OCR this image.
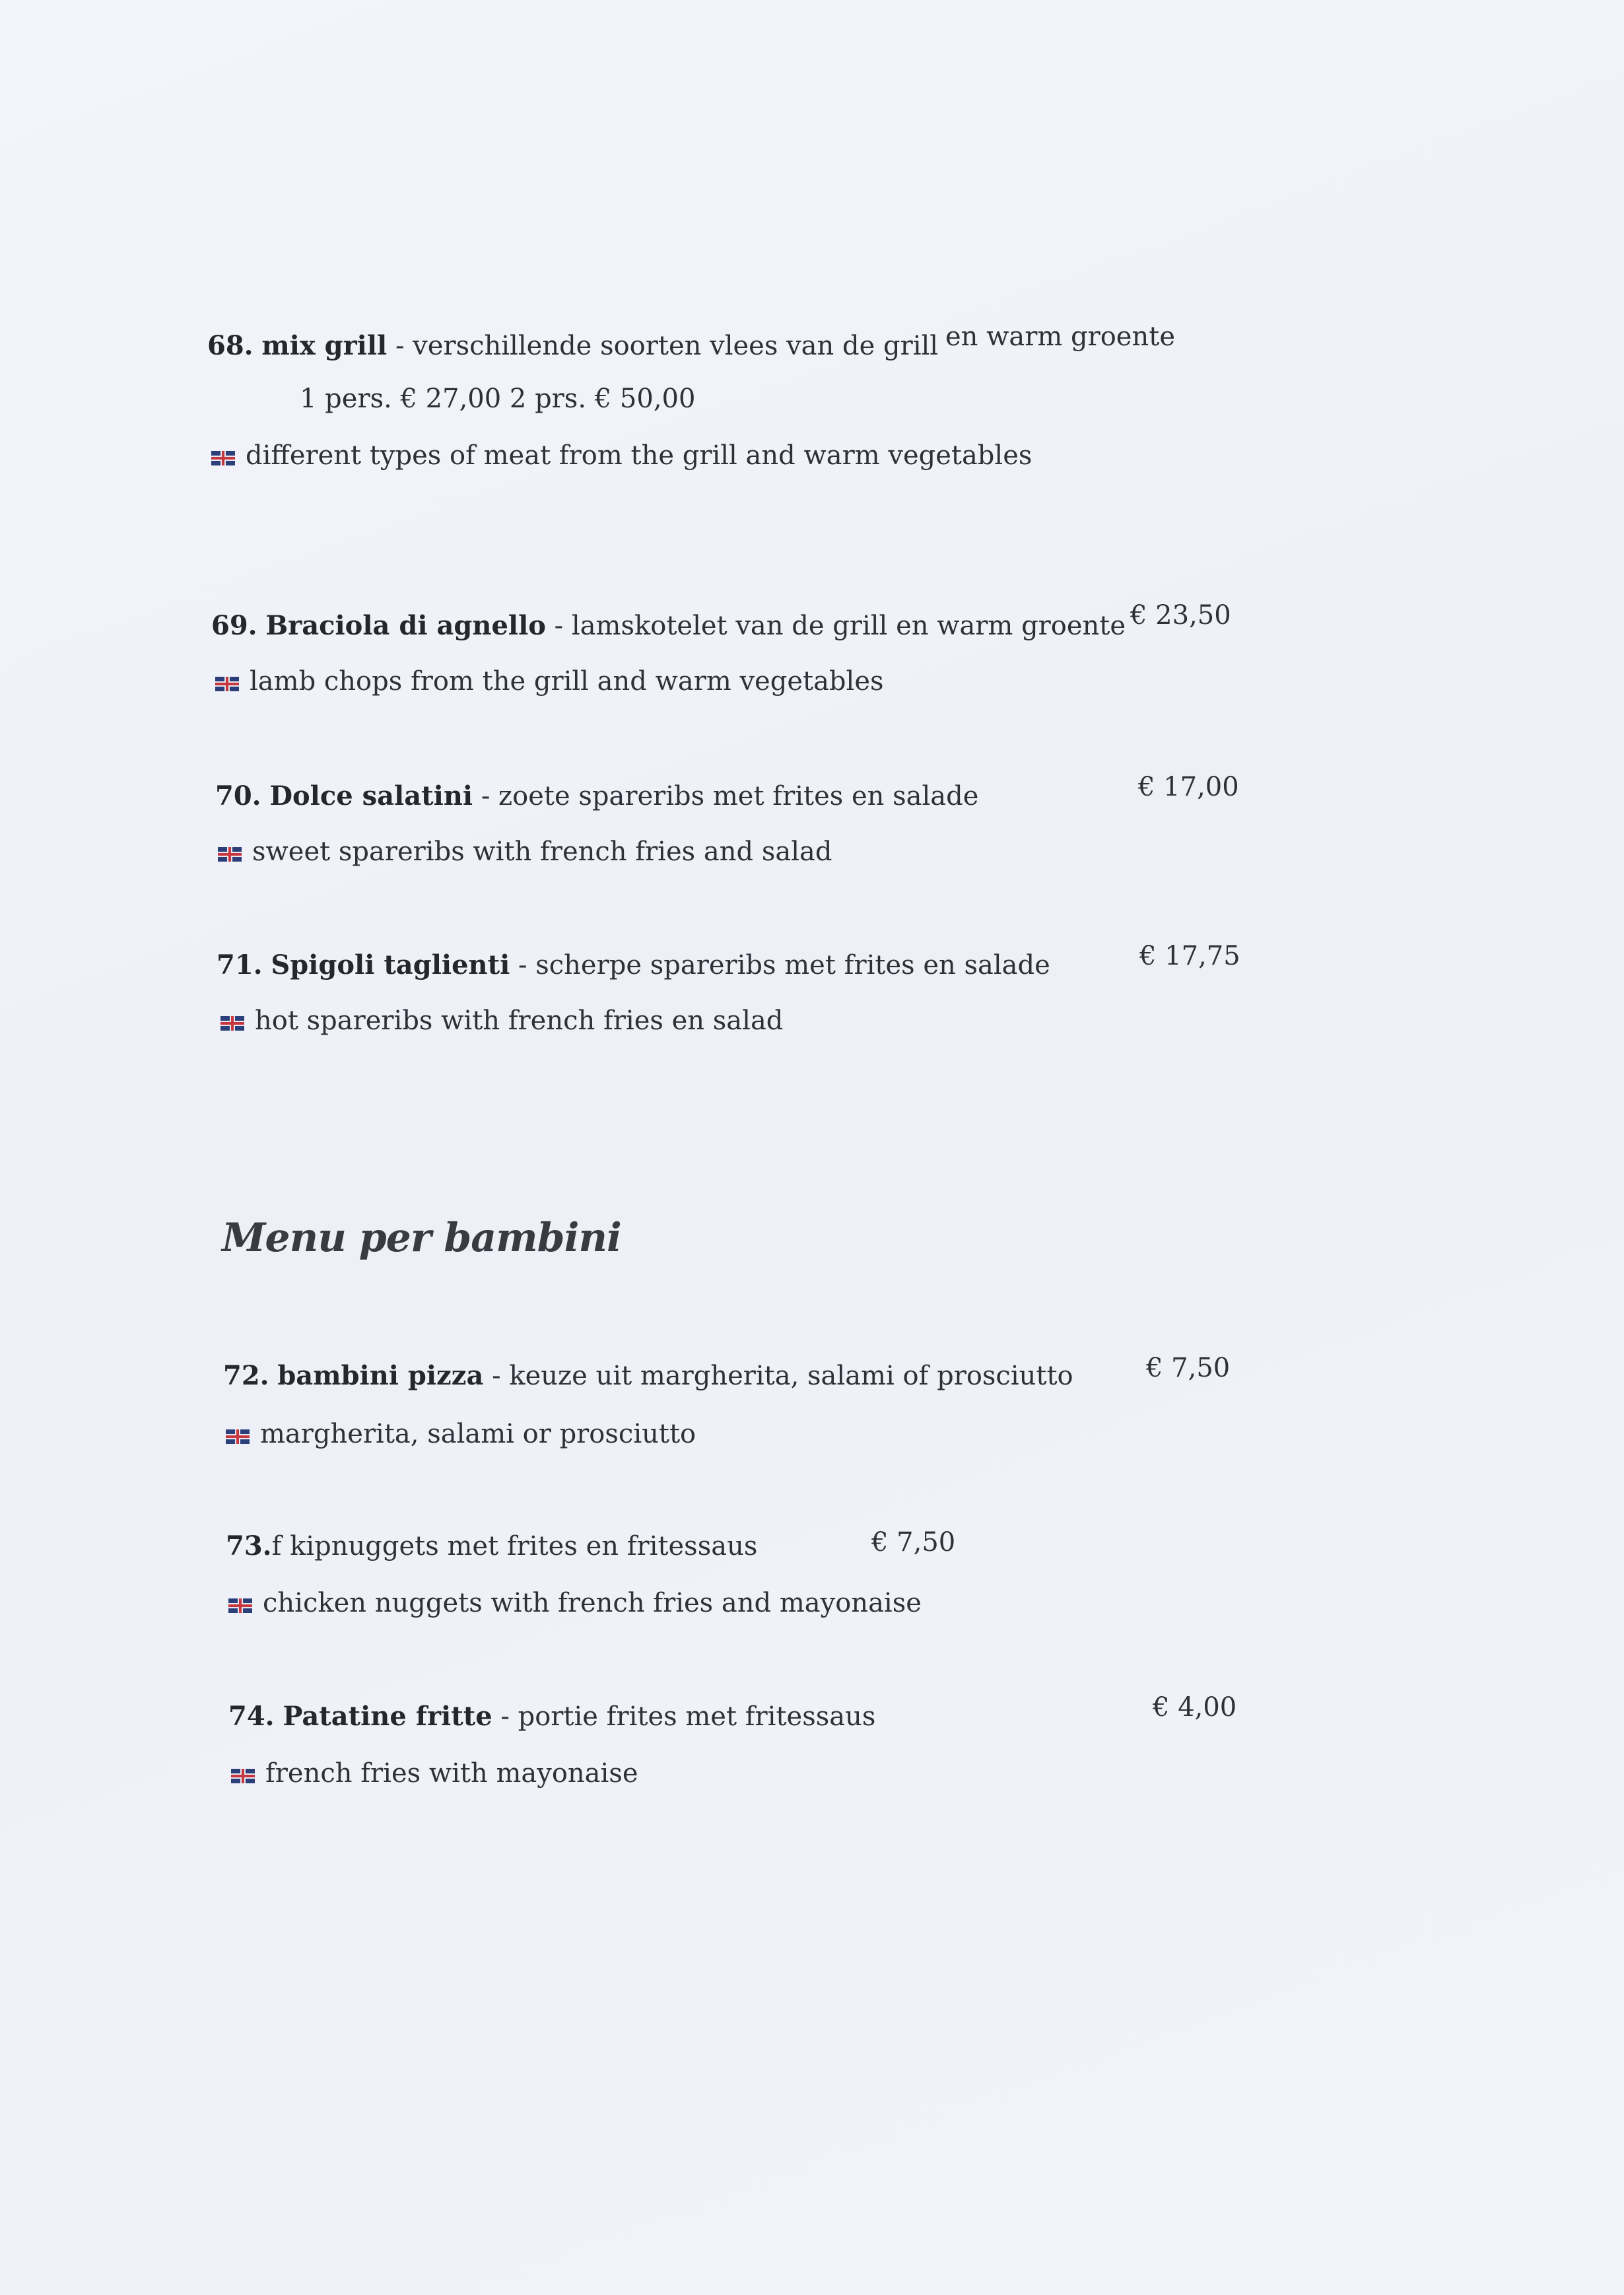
68. mix grill - verschillende soorten vlees van de grill en warm groente
1 pers. € 27,00 2 prs. € 50,00
different types of meat from the grill and warm vegetables
69. Braciola di agnello - lamskotelet van de grill en warm groente € 23,50
lamb chops from the grill and warm vegetables
70. Dolce salatini - zoete spareribs met frites en salade	€ 17,00
sweet spareribs with french fries and salad
71. Spigoli taglienti - scherpe spareribs met frites en salade	€ 17,75
hot spareribs with french fries en salad
Menu per bambini
72. bambini pizza - keuze uit margherita, salami of prosciutto	€ 7,50
margherita, salami or prosciutto
73.f kipnuggets met frites en fritessaus	€ 7,50
chicken nuggets with french fries and mayonaise
74. Patatine fritte - portie frites met fritessaus	€ 4,00
french fries with mayonaise
